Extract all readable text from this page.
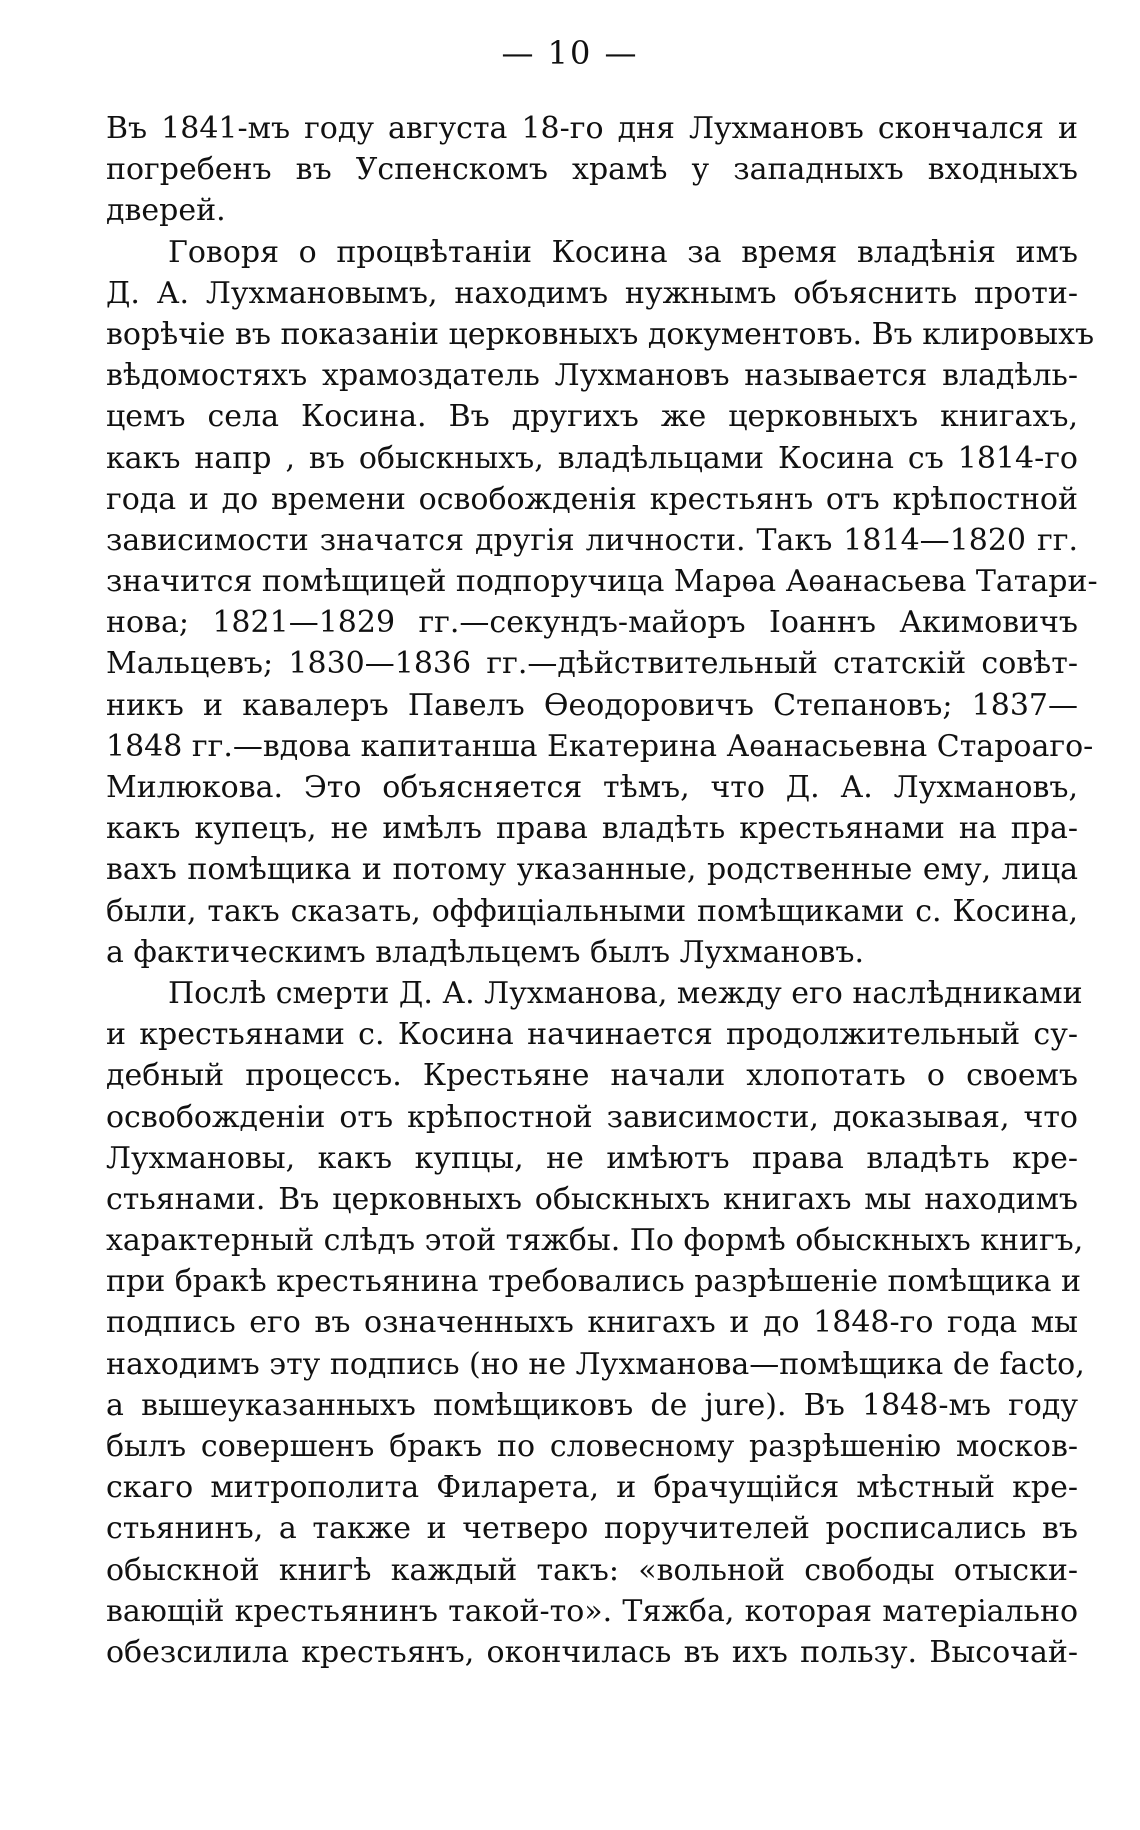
— 10 —
Въ 1841-мъ году августа 18-го дня Лухмановъ скончался и
погребенъ въ Успенскомъ храмѣ у западныхъ входныхъ
дверей.
Говоря о процвѣтаніи Косина за время владѣнія имъ
Д. А. Лухмановымъ, находимъ нужнымъ объяснить проти-
ворѣчіе въ показаніи церковныхъ документовъ. Въ клировыхъ
вѣдомостяхъ храмоздатель Лухмановъ называется владѣль-
цемъ села Косина. Въ другихъ же церковныхъ книгахъ,
какъ напр , въ обыскныхъ, владѣльцами Косина съ 1814-го
года и до времени освобожденія крестьянъ отъ крѣпостной
зависимости значатся другія личности. Такъ 1814—1820 гг.
значится помѣщицей подпоручица Марѳа Аѳанасьева Татари-
нова; 1821—1829 гг.—секундъ-майоръ Іоаннъ Акимовичъ
Мальцевъ; 1830—1836 гг.—дѣйствительный статскій совѣт-
никъ и кавалеръ Павелъ Ѳеодоровичъ Степановъ; 1837—
1848 гг.—вдова капитанша Екатерина Аѳанасьевна Староаго-
Милюкова. Это объясняется тѣмъ, что Д. А. Лухмановъ,
какъ купецъ, не имѣлъ права владѣть крестьянами на пра-
вахъ помѣщика и потому указанные, родственные ему, лица
были, такъ сказать, оффиціальными помѣщиками с. Косина,
а фактическимъ владѣльцемъ былъ Лухмановъ.
Послѣ смерти Д. А. Лухманова, между его наслѣдниками
и крестьянами с. Косина начинается продолжительный су-
дебный процессъ. Крестьяне начали хлопотать о своемъ
освобожденіи отъ крѣпостной зависимости, доказывая, что
Лухмановы, какъ купцы, не имѣютъ права владѣть кре-
стьянами. Въ церковныхъ обыскныхъ книгахъ мы находимъ
характерный слѣдъ этой тяжбы. По формѣ обыскныхъ книгъ,
при бракѣ крестьянина требовались разрѣшеніе помѣщика и
подпись его въ означенныхъ книгахъ и до 1848-го года мы
находимъ эту подпись (но не Лухманова—помѣщика de facto,
а вышеуказанныхъ помѣщиковъ de jure). Въ 1848-мъ году
былъ совершенъ бракъ по словесному разрѣшенію москов-
скаго митрополита Филарета, и брачущійся мѣстный кре-
стьянинъ, а также и четверо поручителей росписались въ
обыскной книгѣ каждый такъ: «вольной свободы отыски-
вающій крестьянинъ такой-то». Тяжба, которая матеріально
обезсилила крестьянъ, окончилась въ ихъ пользу. Высочай-
